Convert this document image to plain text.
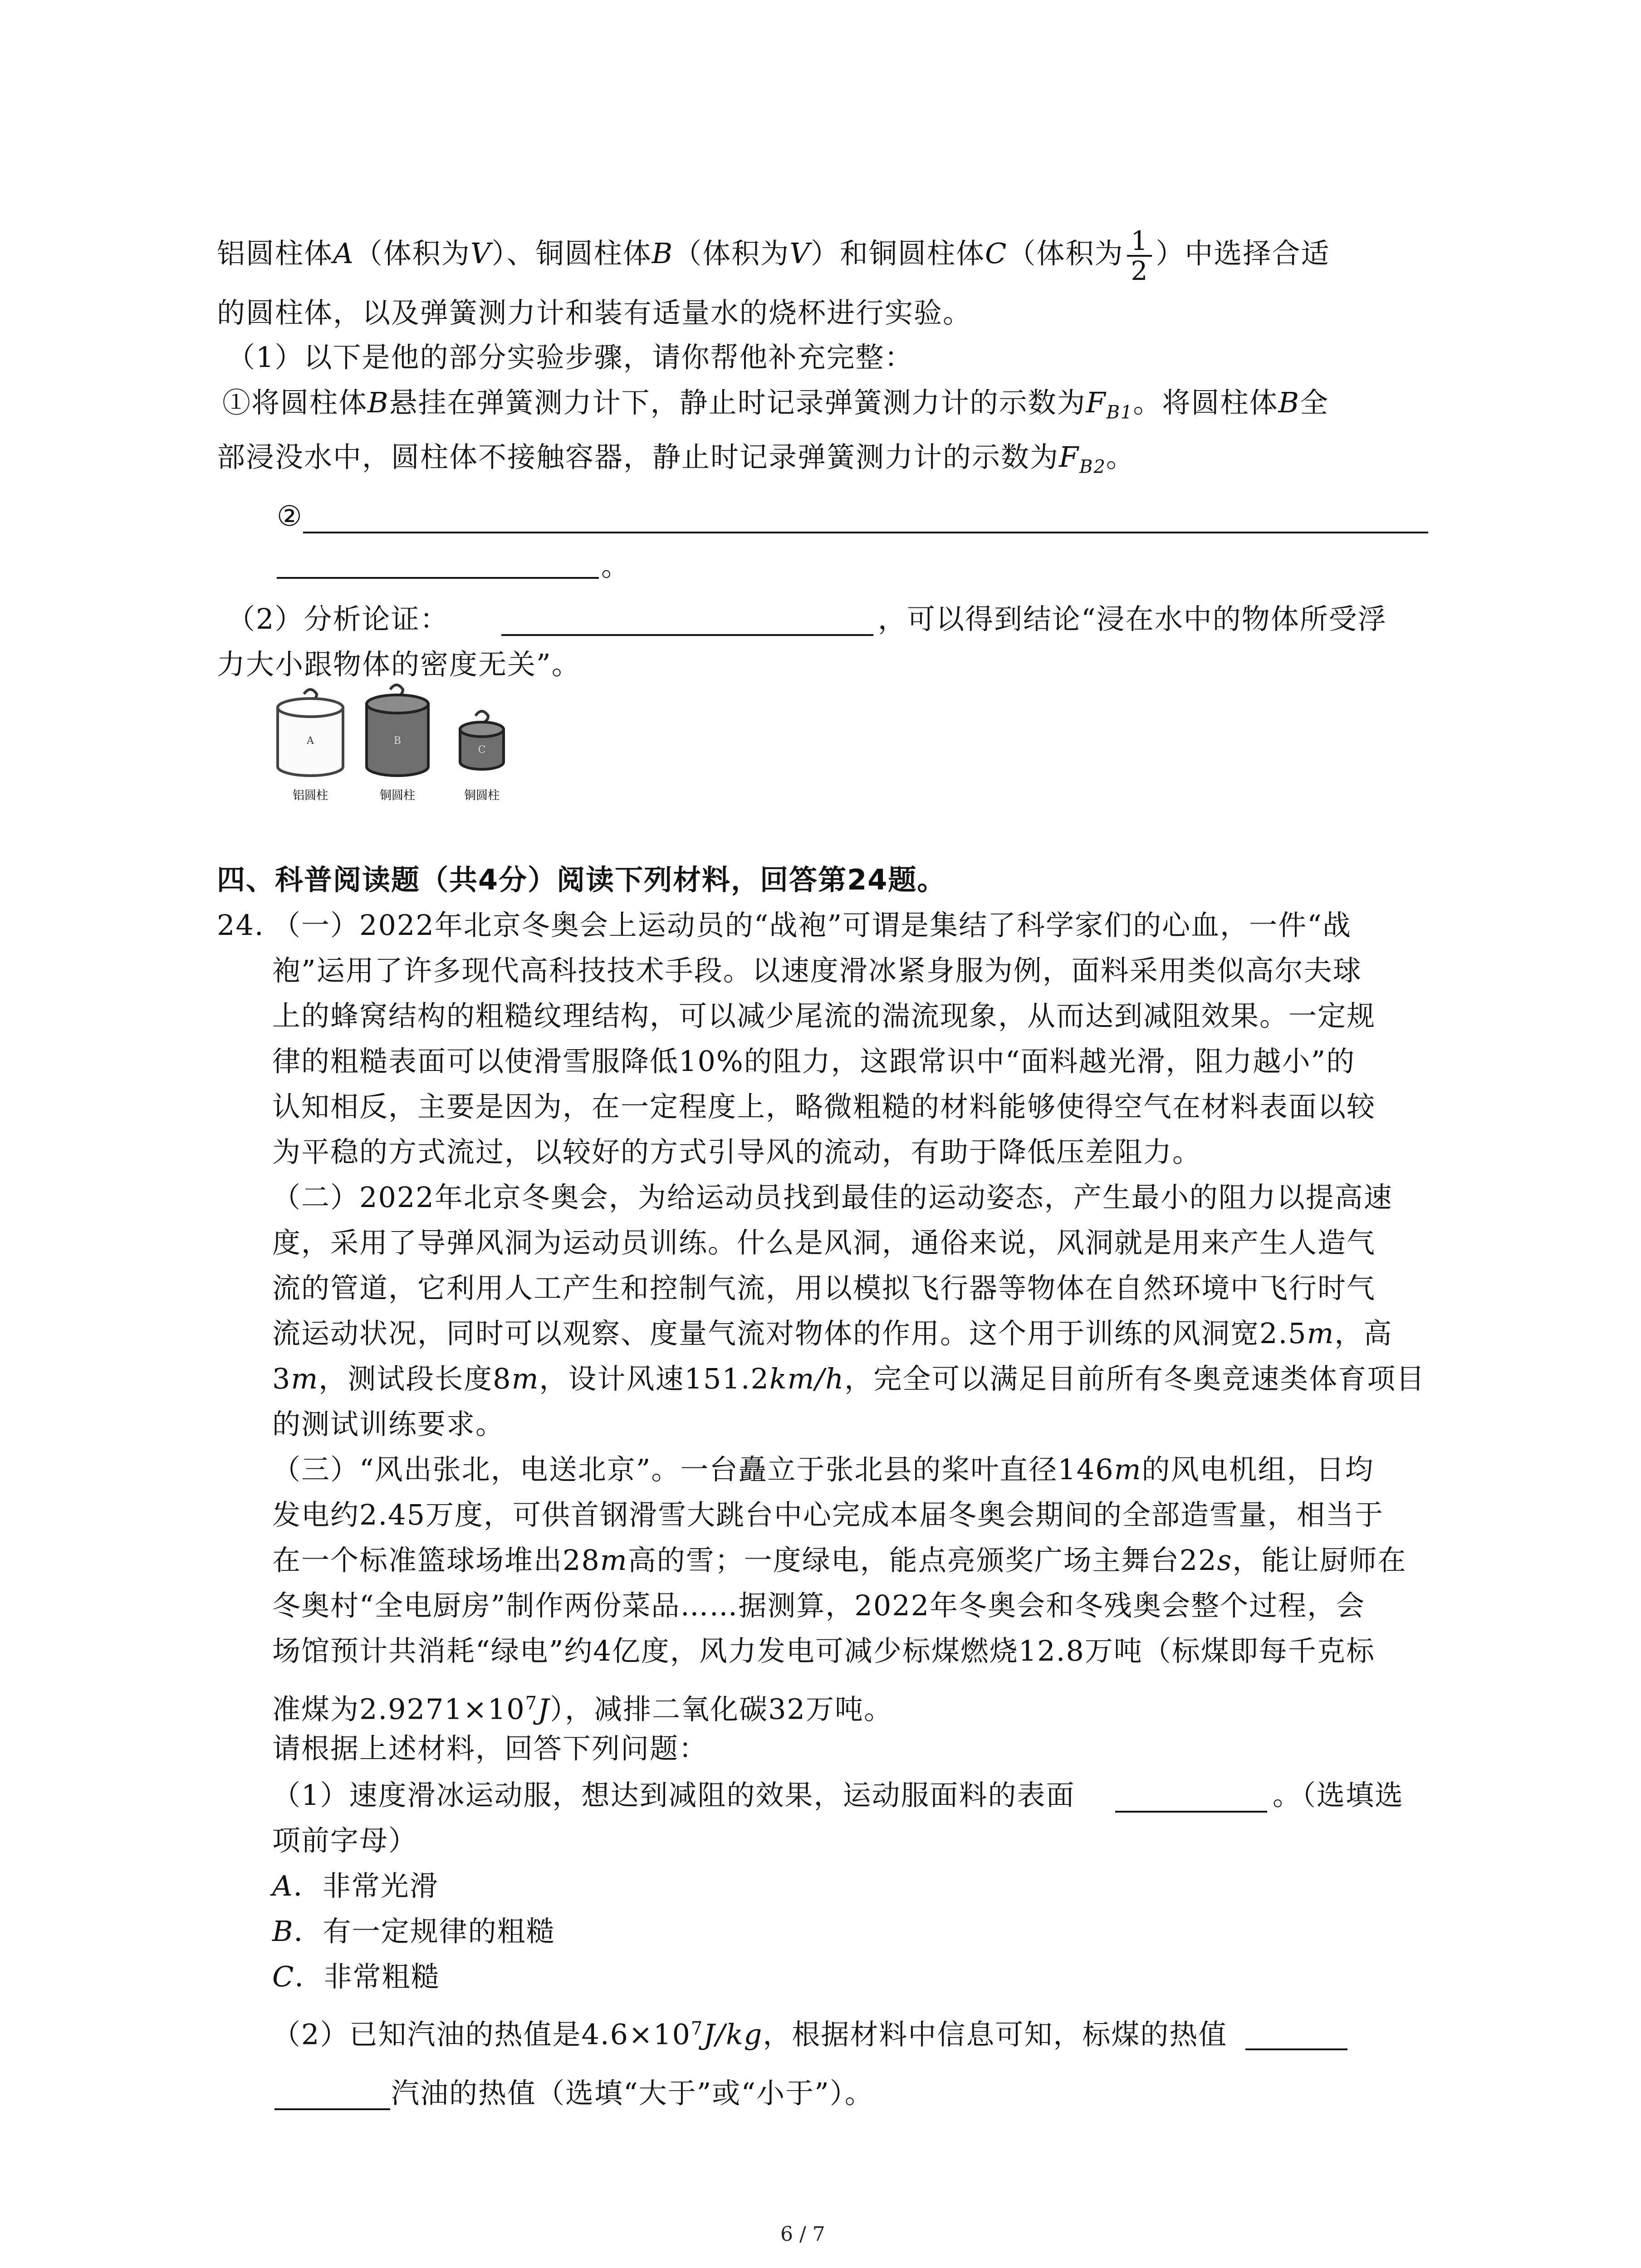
铝圆柱体A（体积为V）、铜圆柱体B（体积为V）和铜圆柱体C（体积为 $\frac{1}{2}$ ）中选择合适
的圆柱体，以及弹簧测力计和装有适量水的烧杯进行实验。
（1）以下是他的部分实验步骤，请你帮他补充完整：
①将圆柱体B悬挂在弹簧测力计下，静止时记录弹簧测力计的示数为$F_{B1}$。将圆柱体B全
部浸没水中，圆柱体不接触容器，静止时记录弹簧测力计的示数为$F_{B2}$。
②
。
（2）分析论证：	，可以得到结论“浸在水中的物体所受浮
力大小跟物体的密度无关”。
A	B
C
铝圆柱	铜圆柱	铜圆柱
四、科普阅读题（共4分）阅读下列材料，回答第24题。
24. （一）2022年北京冬奥会上运动员的“战袍”可谓是集结了科学家们的心血，一件“战
袍”运用了许多现代高科技技术手段。以速度滑冰紧身服为例，面料采用类似高尔夫球
上的蜂窝结构的粗糙纹理结构，可以减少尾流的湍流现象，从而达到减阻效果。一定规
律的粗糙表面可以使滑雪服降低10%的阻力，这跟常识中“面料越光滑，阻力越小”的
认知相反，主要是因为，在一定程度上，略微粗糙的材料能够使得空气在材料表面以较
为平稳的方式流过，以较好的方式引导风的流动，有助于降低压差阻力。
（二）2022年北京冬奥会，为给运动员找到最佳的运动姿态，产生最小的阻力以提高速
度，采用了导弹风洞为运动员训练。什么是风洞，通俗来说，风洞就是用来产生人造气
流的管道，它利用人工产生和控制气流，用以模拟飞行器等物体在自然环境中飞行时气
流运动状况，同时可以观察、度量气流对物体的作用。这个用于训练的风洞宽2.5m，高
3m，测试段长度8m，设计风速151.2km/h，完全可以满足目前所有冬奥竞速类体育项目
的测试训练要求。
（三）“风出张北，电送北京”。一台矗立于张北县的桨叶直径146m的风电机组，日均
发电约2.45万度，可供首钢滑雪大跳台中心完成本届冬奥会期间的全部造雪量，相当于
在一个标准篮球场堆出28m高的雪；一度绿电，能点亮颁奖广场主舞台22s，能让厨师在
冬奥村“全电厨房”制作两份菜品……据测算，2022年冬奥会和冬残奥会整个过程，会
场馆预计共消耗“绿电”约4亿度，风力发电可减少标煤燃烧12.8万吨（标煤即每千克标
准煤为$2.9271\times 10^7J$），减排二氧化碳32万吨。
请根据上述材料，回答下列问题：
（1）速度滑冰运动服，想达到减阻的效果，运动服面料的表面	。（选填选
项前字母）
A．非常光滑
B．有一定规律的粗糙
C．非常粗糙
（2）已知汽油的热值是$4.6\times 10^7J/kg$，根据材料中信息可知，标煤的热值
汽油的热值（选填“大于”或“小于”）。
6 / 7
